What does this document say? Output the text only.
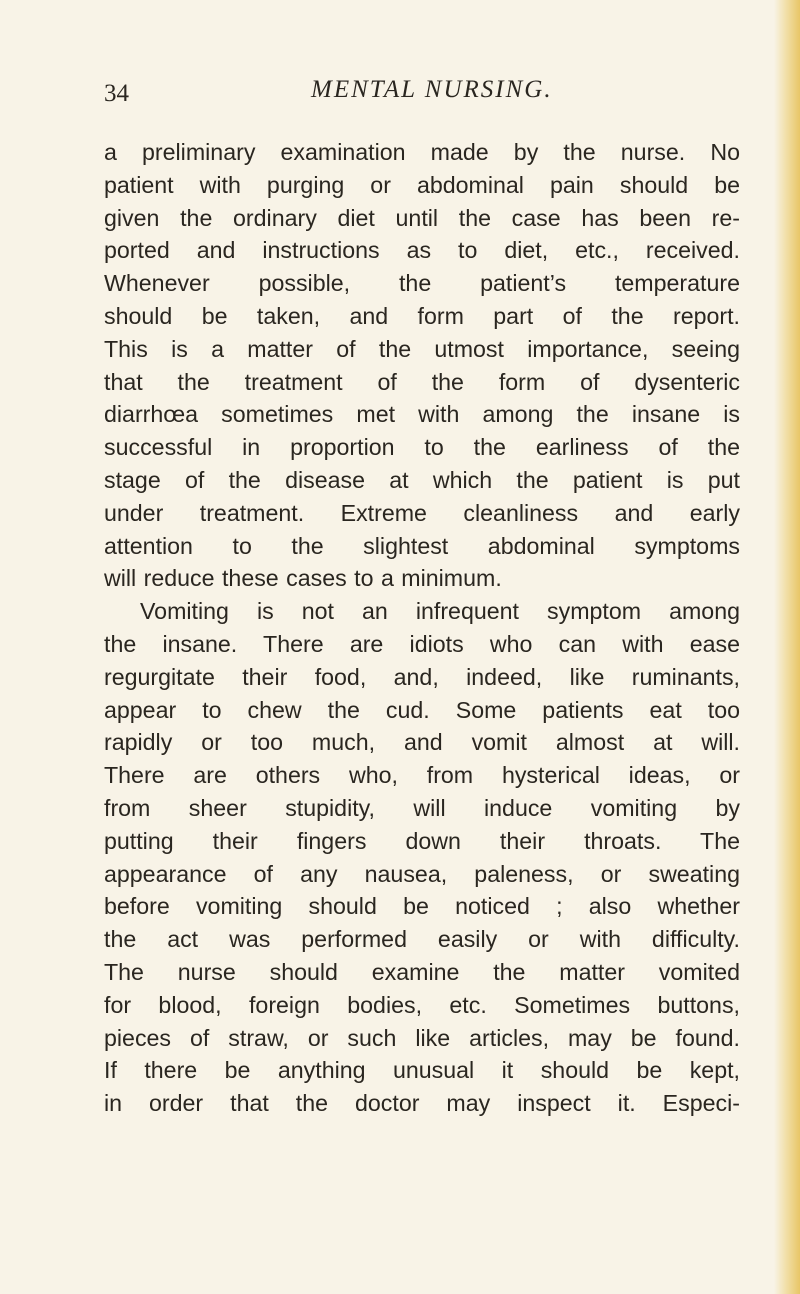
34	MENTAL NURSING.
a preliminary examination made by the nurse. No
patient with purging or abdominal pain should be
given the ordinary diet until the case has been re-
ported and instructions as to diet, etc., received.
Whenever possible, the patient’s temperature
should be taken, and form part of the report.
This is a matter of the utmost importance, seeing
that the treatment of the form of dysenteric
diarrhœa sometimes met with among the insane is
successful in proportion to the earliness of the
stage of the disease at which the patient is put
under treatment. Extreme cleanliness and early
attention to the slightest abdominal symptoms
will reduce these cases to a minimum.
Vomiting is not an infrequent symptom among
the insane. There are idiots who can with ease
regurgitate their food, and, indeed, like ruminants,
appear to chew the cud. Some patients eat too
rapidly or too much, and vomit almost at will.
There are others who, from hysterical ideas, or
from sheer stupidity, will induce vomiting by
putting their fingers down their throats. The
appearance of any nausea, paleness, or sweating
before vomiting should be noticed ; also whether
the act was performed easily or with difficulty.
The nurse should examine the matter vomited
for blood, foreign bodies, etc. Sometimes buttons,
pieces of straw, or such like articles, may be found.
If there be anything unusual it should be kept,
in order that the doctor may inspect it. Especi-
